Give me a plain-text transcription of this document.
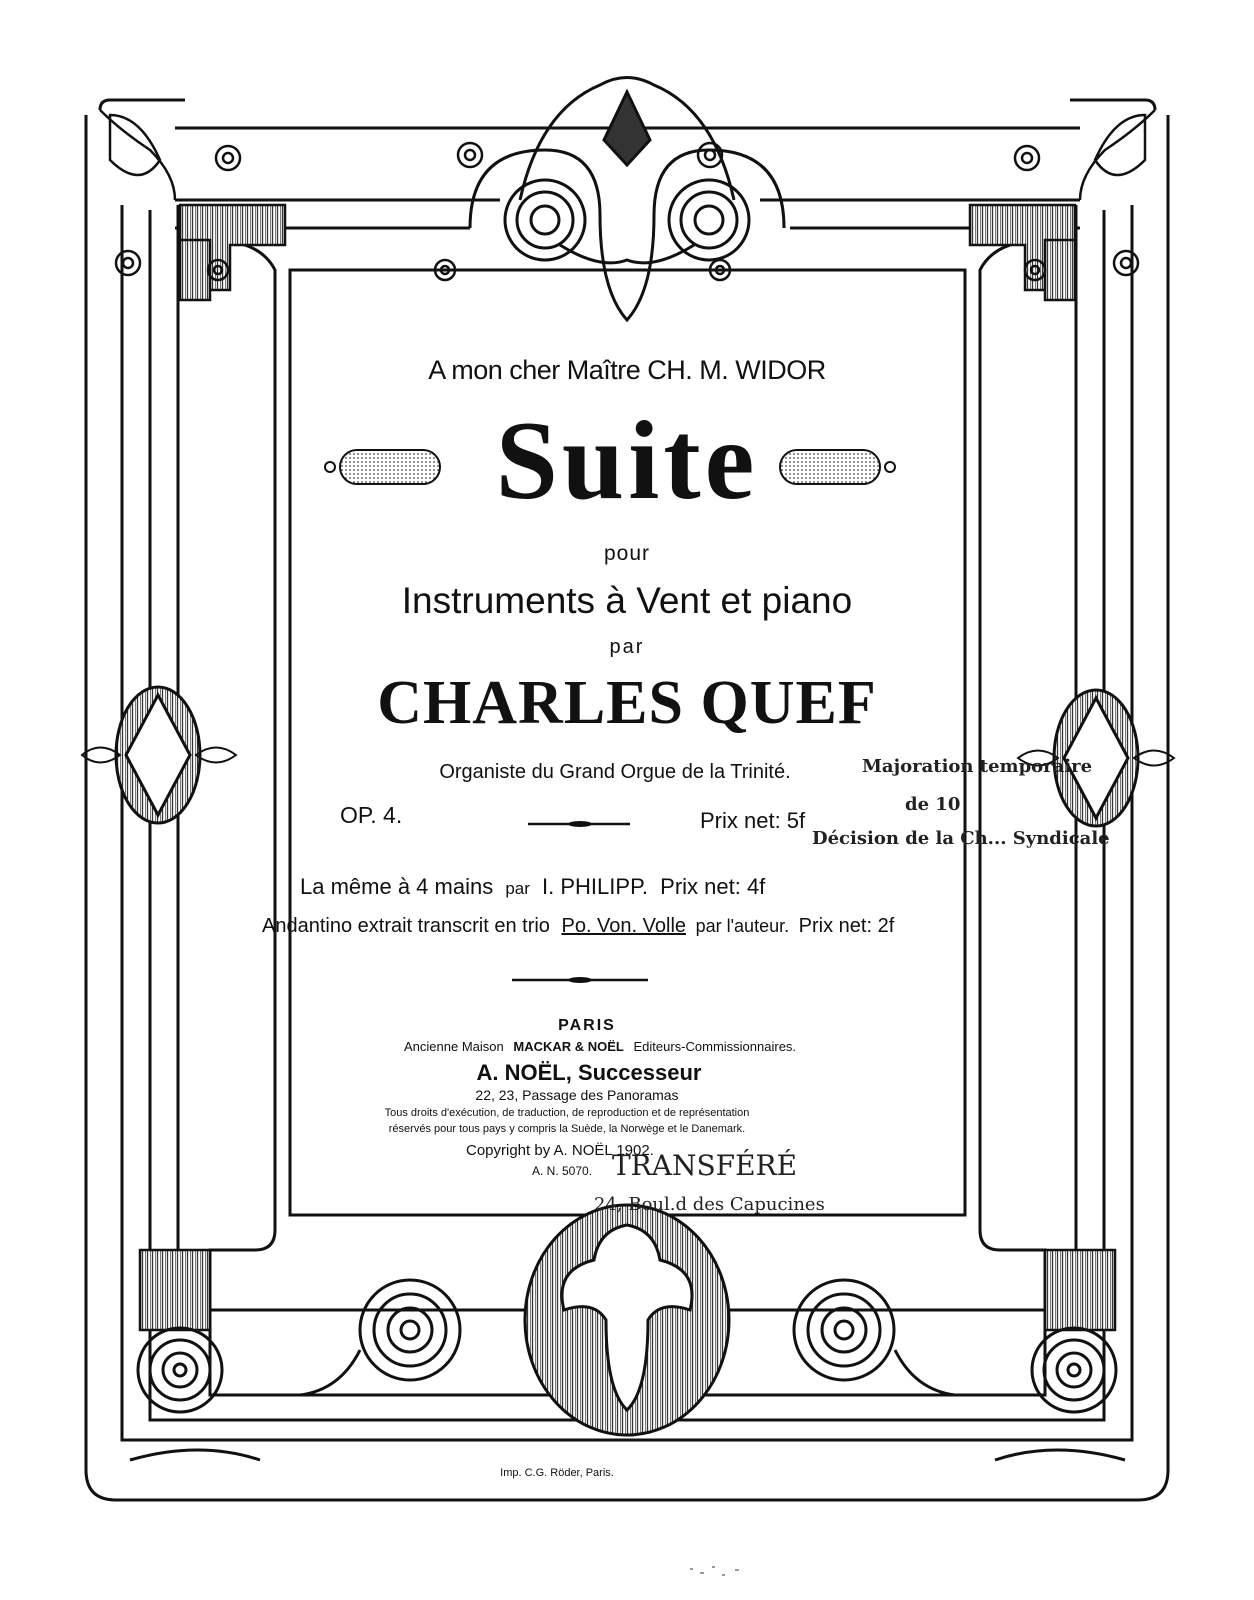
A mon cher Maître CH. M. WIDOR
Suite
pour
Instruments à Vent et piano
par
CHARLES QUEF
Organiste du Grand Orgue de la Trinité.
OP. 4.	Prix net: 5f
Majoration temporaire
de 10
Décision de la Ch... Syndicale
La même à 4 mains par I. PHILIPP. Prix net: 4f
Andantino extrait transcrit en trio Po. Von. Volle par l'auteur. Prix net: 2f
PARIS
Ancienne Maison MACKAR & NOËL Editeurs-Commissionnaires.
A. NOËL, Successeur
22, 23, Passage des Panoramas
Tous droits d'exécution, de traduction, de reproduction et de représentation
réservés pour tous pays y compris la Suède, la Norwège et le Danemark.
Copyright by A. NOËL 1902.
A. N. 5070. TRANSFÉRÉ
24, Boul.d des Capucines
Imp. C.G. Röder, Paris.
